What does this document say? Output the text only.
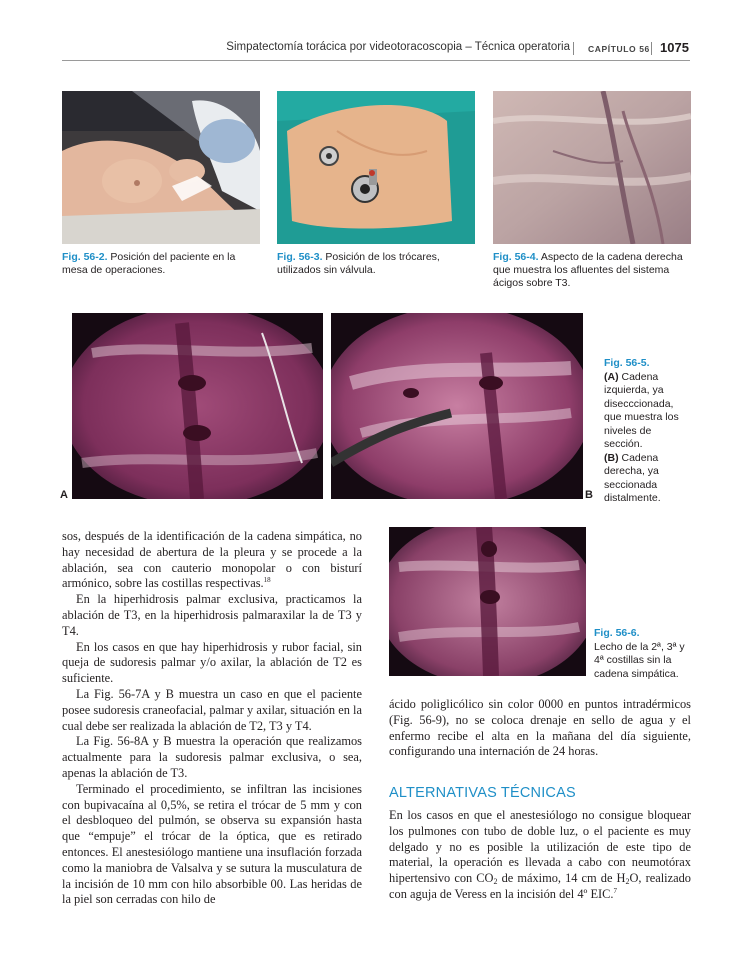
Simpatectomía torácica por videotoracoscopia – Técnica operatoria CAPÍTULO 56 1075
Fig. 56-2. Posición del paciente en la mesa de operaciones.
Fig. 56-3. Posición de los trócares, utilizados sin válvula.
Fig. 56-4. Aspecto de la cadena derecha que muestra los afluentes del sistema ácigos sobre T3.
A	B
Fig. 56-5.
(A) Cadena izquierda, ya disecccionada, que muestra los niveles de sección.
(B) Cadena derecha, ya seccionada distalmente.
Fig. 56-6.
Lecho de la 2ª, 3ª y 4ª costillas sin la cadena simpática.

sos, después de la identificación de la cadena simpática, no hay necesidad de abertura de la pleura y se procede a la ablación, sea con cauterio monopolar o con bisturí armónico, sobre las costillas respectivas.$^{18}$

En la hiperhidrosis palmar exclusiva, practicamos la ablación de T3, en la hiperhidrosis palmaraxilar la de T3 y T4.

En los casos en que hay hiperhidrosis y rubor facial, sin queja de sudoresis palmar y/o axilar, la ablación de T2 es suficiente.

La Fig. 56-7A y B muestra un caso en que el paciente posee sudoresis craneofacial, palmar y axilar, situación en la cual debe ser realizada la ablación de T2, T3 y T4.

La Fig. 56-8A y B muestra la operación que realizamos actualmente para la sudoresis palmar exclusiva, o sea, apenas la ablación de T3.

Terminado el procedimiento, se infiltran las incisiones con bupivacaína al 0,5%, se retira el trócar de 5 mm y con el desbloqueo del pulmón, se observa su expansión hasta que “empuje” el trócar de la óptica, que es retirado entonces. El anestesiólogo mantiene una insuflación forzada como la maniobra de Valsalva y se sutura la musculatura de la incisión de 10 mm con hilo absorbible 00. Las heridas de la piel son cerradas con hilo de

ácido poliglicólico sin color 0000 en puntos intradérmicos (Fig. 56-9), no se coloca drenaje en sello de agua y el enfermo recibe el alta en la mañana del día siguiente, configurando una internación de 24 horas.

ALTERNATIVAS TÉCNICAS

En los casos en que el anestesiólogo no consigue bloquear los pulmones con tubo de doble luz, o el paciente es muy delgado y no es posible la utilización de este tipo de material, la operación es llevada a cabo con neumotórax hipertensivo con $CO_2$ de máximo, 14 cm de $H_2O$, realizado con aguja de Veress en la incisión del 4º EIC.$^7$
